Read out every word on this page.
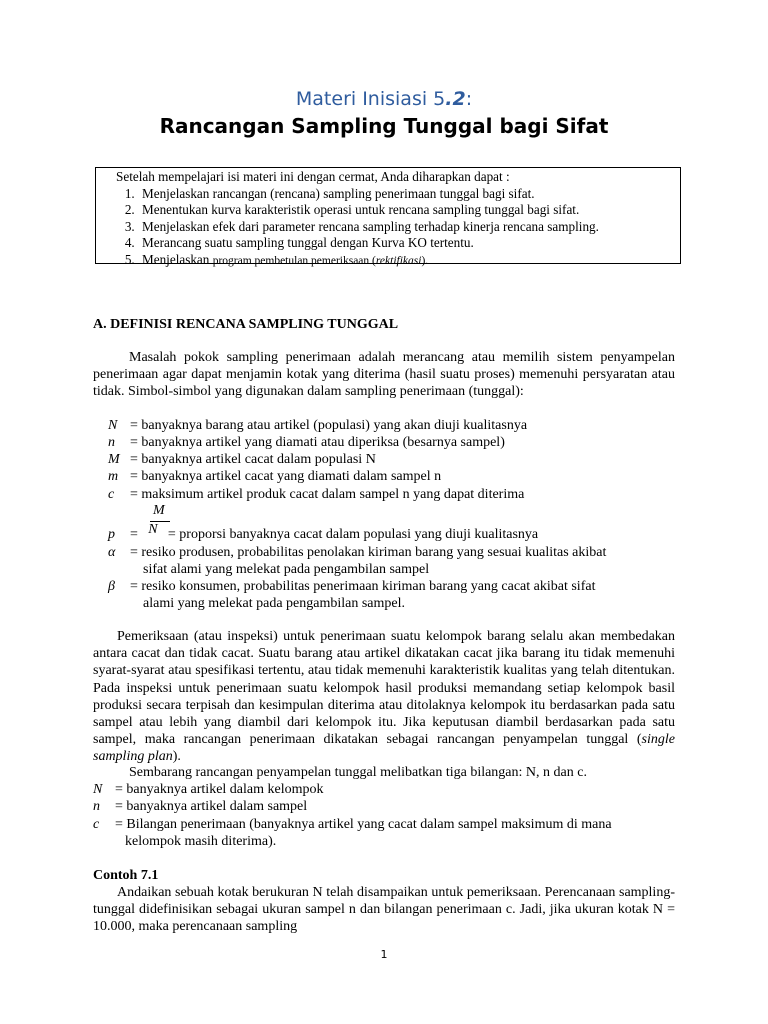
Materi Inisiasi 5.2:
Rancangan Sampling Tunggal bagi Sifat
Setelah mempelajari isi materi ini dengan cermat, Anda diharapkan dapat :
1. Menjelaskan rancangan (rencana) sampling penerimaan tunggal bagi sifat.
2. Menentukan kurva karakteristik operasi untuk rencana sampling tunggal bagi sifat.
3. Menjelaskan efek dari parameter rencana sampling terhadap kinerja rencana sampling.
4. Merancang suatu sampling tunggal dengan Kurva KO tertentu.
5. Menjelaskan program pembetulan pemeriksaan (rektifikasi).
A. DEFINISI RENCANA SAMPLING TUNGGAL
Masalah pokok sampling penerimaan adalah merancang atau memilih sistem penyampelan penerimaan agar dapat menjamin kotak yang diterima (hasil suatu proses) memenuhi persyaratan atau tidak. Simbol-simbol yang digunakan dalam sampling penerimaan (tunggal):
N = banyaknya barang atau artikel (populasi) yang akan diuji kualitasnya
n = banyaknya artikel yang diamati atau diperiksa (besarnya sampel)
M = banyaknya artikel cacat dalam populasi N
m = banyaknya artikel cacat yang diamati dalam sampel n
c = maksimum artikel produk cacat dalam sampel n yang dapat diterima
M
p = N = proporsi banyaknya cacat dalam populasi yang diuji kualitasnya
α = resiko produsen, probabilitas penolakan kiriman barang yang sesuai kualitas akibat
sifat alami yang melekat pada pengambilan sampel
β = resiko konsumen, probabilitas penerimaan kiriman barang yang cacat akibat sifat
alami yang melekat pada pengambilan sampel.
Pemeriksaan (atau inspeksi) untuk penerimaan suatu kelompok barang selalu akan membedakan antara cacat dan tidak cacat. Suatu barang atau artikel dikatakan cacat jika barang itu tidak memenuhi syarat-syarat atau spesifikasi tertentu, atau tidak memenuhi karakteristik kualitas yang telah ditentukan. Pada inspeksi untuk penerimaan suatu kelompok hasil produksi memandang setiap kelompok basil produksi secara terpisah dan kesimpulan diterima atau ditolaknya kelompok itu berdasarkan pada satu sampel atau lebih yang diambil dari kelompok itu. Jika keputusan diambil berdasarkan pada satu sampel, maka rancangan penerimaan dikatakan sebagai rancangan penyampelan tunggal (single sampling plan).
Sembarang rancangan penyampelan tunggal melibatkan tiga bilangan: N, n dan c.
N = banyaknya artikel dalam kelompok
n = banyaknya artikel dalam sampel
c = Bilangan penerimaan (banyaknya artikel yang cacat dalam sampel maksimum di mana
kelompok masih diterima).
Contoh 7.1
Andaikan sebuah kotak berukuran N telah disampaikan untuk pemeriksaan. Perencanaan sampling-tunggal didefinisikan sebagai ukuran sampel n dan bilangan penerimaan c. Jadi, jika ukuran kotak N = 10.000, maka perencanaan sampling
1
